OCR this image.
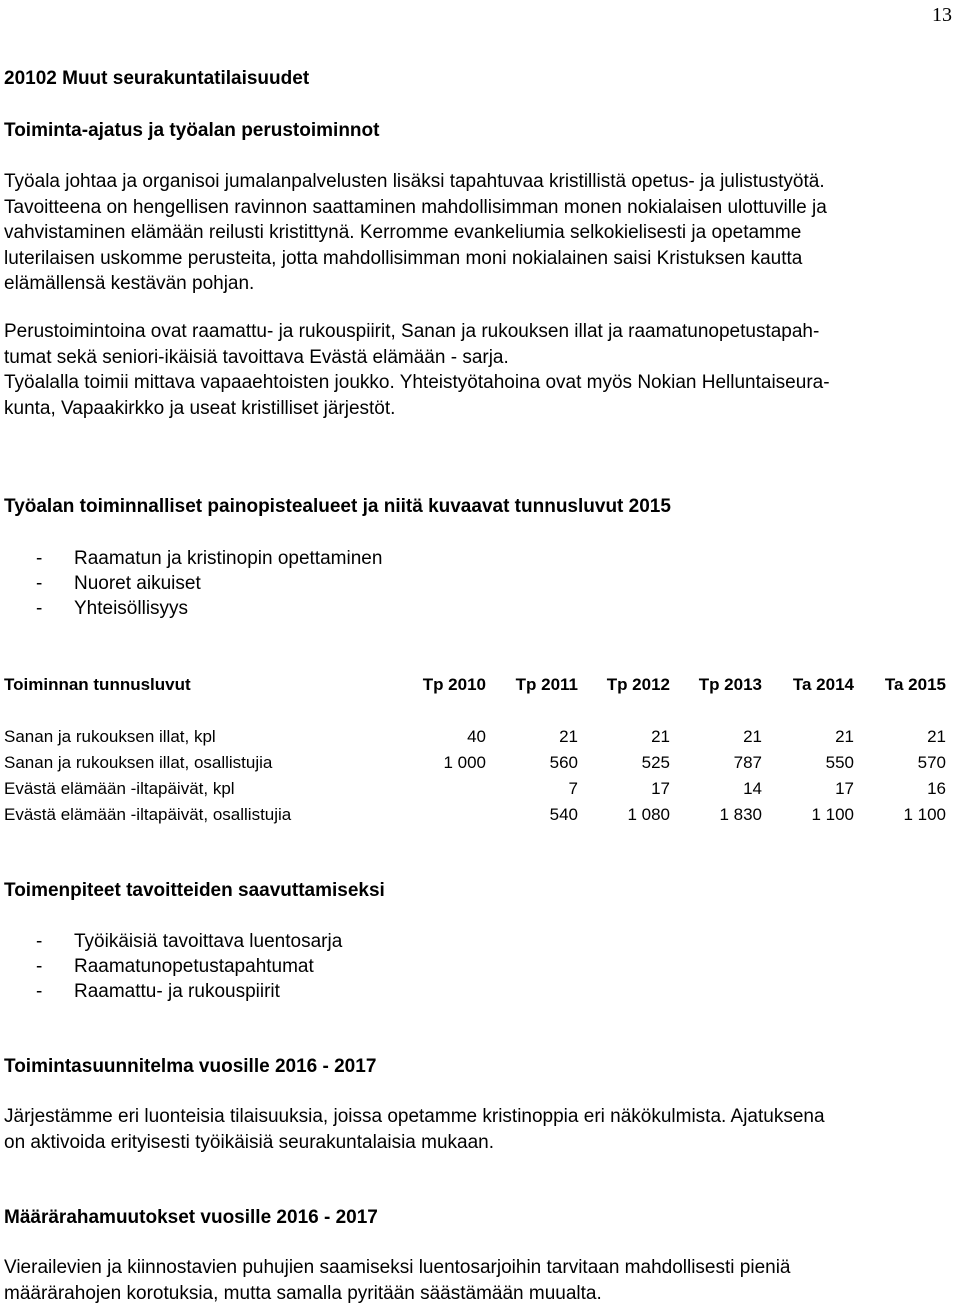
13
20102 Muut seurakuntatilaisuudet
Toiminta-ajatus ja työalan perustoiminnot
Työala johtaa ja organisoi jumalanpalvelusten lisäksi tapahtuvaa kristillistä opetus- ja julistustyötä.
Tavoitteena on hengellisen ravinnon saattaminen mahdollisimman monen nokialaisen ulottuville ja
vahvistaminen elämään reilusti kristittynä. Kerromme evankeliumia selkokielisesti ja opetamme
luterilaisen uskomme perusteita, jotta mahdollisimman moni nokialainen saisi Kristuksen kautta
elämällensä kestävän pohjan.
Perustoimintoina ovat raamattu- ja rukouspiirit, Sanan ja rukouksen illat ja raamatunopetustapah-
tumat sekä seniori-ikäisiä tavoittava Evästä elämään - sarja.
Työalalla toimii mittava vapaaehtoisten joukko. Yhteistyötahoina ovat myös Nokian Helluntaiseura-
kunta, Vapaakirkko ja useat kristilliset järjestöt.
Työalan toiminnalliset painopistealueet ja niitä kuvaavat tunnusluvut 2015
-	Raamatun ja kristinopin opettaminen
-	Nuoret aikuiset
-	Yhteisöllisyys
Toiminnan tunnusluvut	Tp 2010	Tp 2011	Tp 2012	Tp 2013	Ta 2014	Ta 2015

Sanan ja rukouksen illat, kpl	40	21	21	21	21	21
Sanan ja rukouksen illat, osallistujia	1 000	560	525	787	550	570
Evästä elämään -iltapäivät, kpl		7	17	14	17	16
Evästä elämään -iltapäivät, osallistujia		540	1 080	1 830	1 100	1 100
Toimenpiteet tavoitteiden saavuttamiseksi
-	Työikäisiä tavoittava luentosarja
-	Raamatunopetustapahtumat
-	Raamattu- ja rukouspiirit
Toimintasuunnitelma vuosille 2016 - 2017
Järjestämme eri luonteisia tilaisuuksia, joissa opetamme kristinoppia eri näkökulmista. Ajatuksena
on aktivoida erityisesti työikäisiä seurakuntalaisia mukaan.
Määrärahamuutokset vuosille 2016 - 2017
Vierailevien ja kiinnostavien puhujien saamiseksi luentosarjoihin tarvitaan mahdollisesti pieniä
määrärahojen korotuksia, mutta samalla pyritään säästämään muualta.
